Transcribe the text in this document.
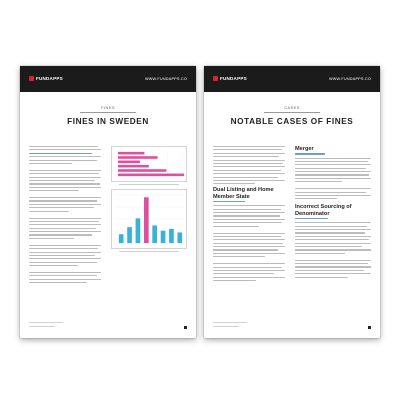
FUNDAPPS	WWW.FUNDAPPS.CO
FINES
FINES IN SWEDEN
FUNDAPPS	WWW.FUNDAPPS.CO
CASES
NOTABLE CASES OF FINES
Dual Listing and Home Member State
Merger
Incorrect Sourcing of Denominator
